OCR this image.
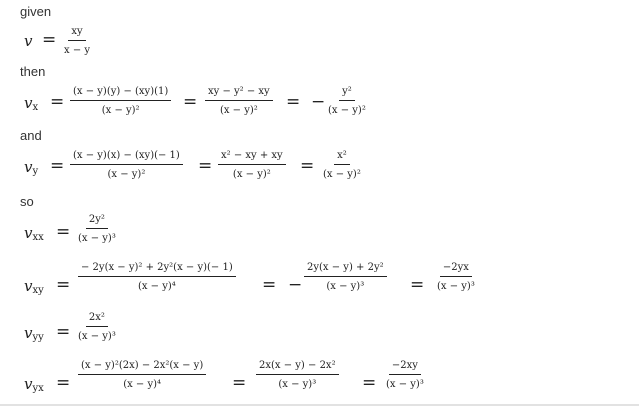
given
$v = \frac{xy}{x - y}$
then
$v_x = \frac{(x - y)(y) - (xy)(1)}{\text{(x − y)²}} = \frac{\text{xy − y² − xy}}{\text{(x − y)²}}$ = − $\frac{\text{y²}}{\text{(x − y)²}}$
and
$v_y = \frac{(x - y)(x) - (xy)(- 1)}{\text{(x − y)²}} = \frac{\text{x² − xy + xy}}{\text{(x − y)²}} = \frac{\text{x²}}{\text{(x − y)²}}$
so
$v_{xx} = \frac{\text{2y²}}{\text{(x − y)³}}$
$v_{xy} = \frac{\text{− 2y(x − y)² + 2y²(x − y)(− 1)}}{\text{(x − y)⁴}}$ = − $\frac{\text{2y(x − y) + 2y²}}{\text{(x − y)³}} = \frac{-2yx}{\text{(x − y)³}}$
$v_{yy} = \frac{\text{2x²}}{\text{(x − y)³}}$
$v_{yx} = \frac{\text{(x − y)²(2x) − 2x²(x − y)}}{\text{(x − y)⁴}} = \frac{\text{2x(x − y) − 2x²}}{\text{(x − y)³}} = \frac{-2xy}{\text{(x − y)³}}$
